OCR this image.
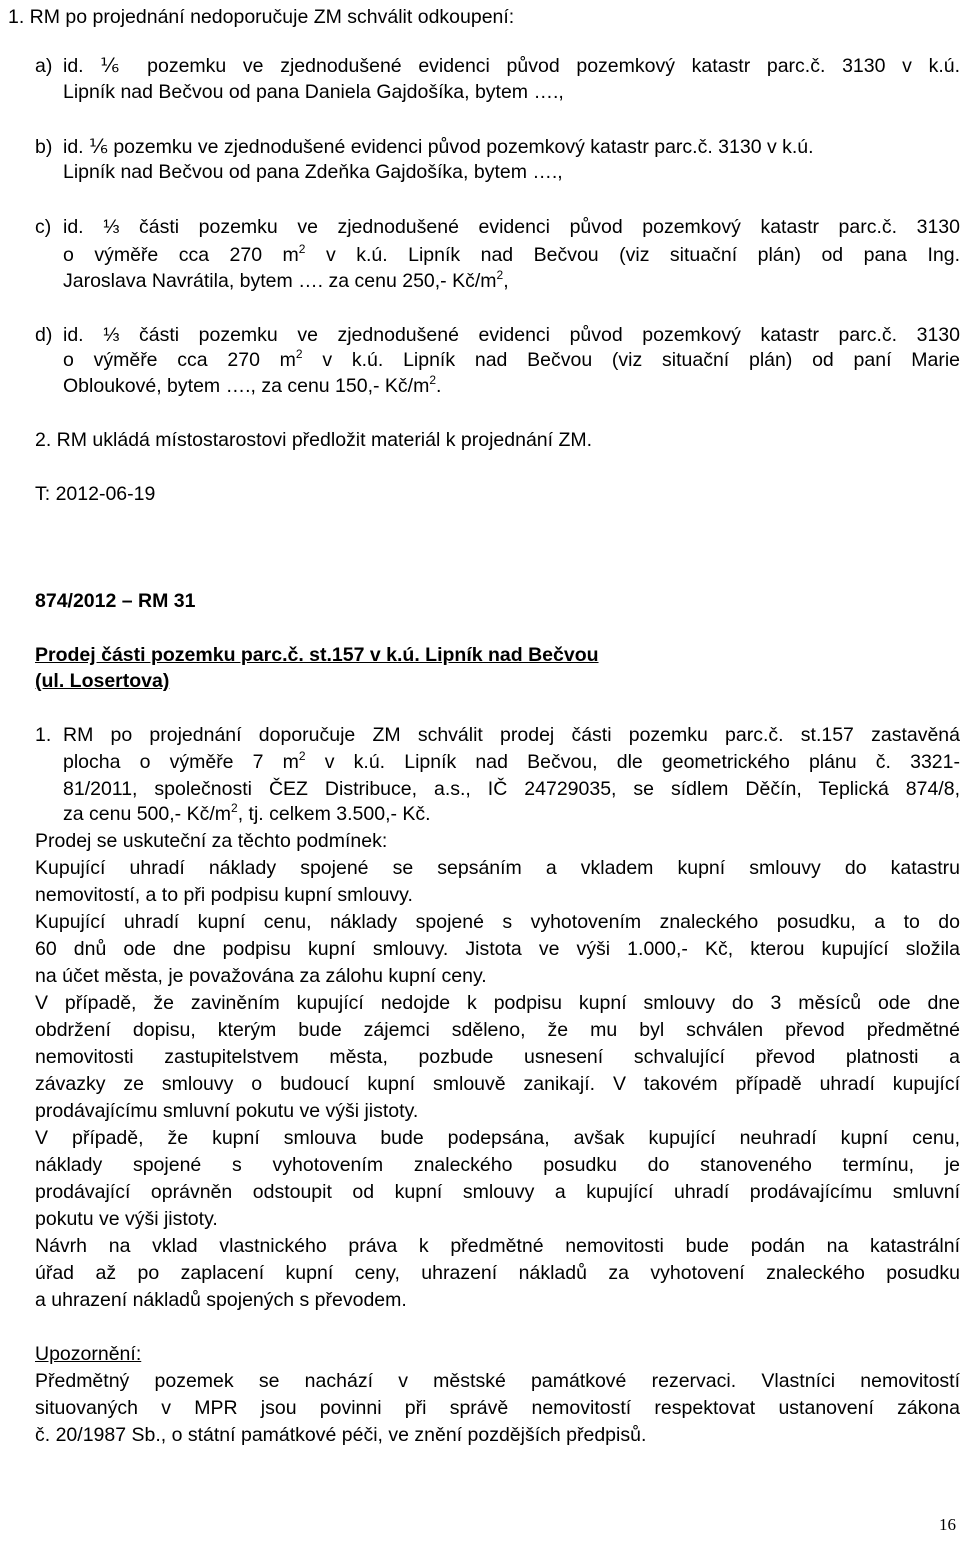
1. RM po projednání nedoporučuje ZM schválit odkoupení:
a) id. ⅙ pozemku ve zjednodušené evidenci původ pozemkový katastr parc.č. 3130 v k.ú.
Lipník nad Bečvou od pana Daniela Gajdošíka, bytem ….,
b) id. ⅙ pozemku ve zjednodušené evidenci původ pozemkový katastr parc.č. 3130 v k.ú.
Lipník nad Bečvou od pana Zdeňka Gajdošíka, bytem ….,
c) id. ⅓ části pozemku ve zjednodušené evidenci původ pozemkový katastr parc.č. 3130
o výměře cca 270 $m^2$ v k.ú. Lipník nad Bečvou (viz situační plán) od pana Ing.
Jaroslava Navrátila, bytem …. za cenu 250,- $Kč/m^2$,
d) id. ⅓ části pozemku ve zjednodušené evidenci původ pozemkový katastr parc.č. 3130
o výměře cca 270 $m^2$ v k.ú. Lipník nad Bečvou (viz situační plán) od paní Marie
Obloukové, bytem …., za cenu 150,- $Kč/m^2$.
2. RM ukládá místostarostovi předložit materiál k projednání ZM.
T: 2012-06-19
874/2012 – RM 31
Prodej části pozemku parc.č. st.157 v k.ú. Lipník nad Bečvou
(ul. Losertova)
1. RM po projednání doporučuje ZM schválit prodej části pozemku parc.č. st.157 zastavěná
plocha o výměře 7 $m^2$ v k.ú. Lipník nad Bečvou, dle geometrického plánu č. 3321-
81/2011, společnosti ČEZ Distribuce, a.s., IČ 24729035, se sídlem Děčín, Teplická 874/8,
za cenu 500,- $Kč/m^2$, tj. celkem 3.500,- Kč.
Prodej se uskuteční za těchto podmínek:
Kupující uhradí náklady spojené se sepsáním a vkladem kupní smlouvy do katastru
nemovitostí, a to při podpisu kupní smlouvy.
Kupující uhradí kupní cenu, náklady spojené s vyhotovením znaleckého posudku, a to do
60 dnů ode dne podpisu kupní smlouvy. Jistota ve výši 1.000,- Kč, kterou kupující složila
na účet města, je považována za zálohu kupní ceny.
V případě, že zaviněním kupující nedojde k podpisu kupní smlouvy do 3 měsíců ode dne
obdržení dopisu, kterým bude zájemci sděleno, že mu byl schválen převod předmětné
nemovitosti zastupitelstvem města, pozbude usnesení schvalující převod platnosti a
závazky ze smlouvy o budoucí kupní smlouvě zanikají. V takovém případě uhradí kupující
prodávajícímu smluvní pokutu ve výši jistoty.
V případě, že kupní smlouva bude podepsána, avšak kupující neuhradí kupní cenu,
náklady spojené s vyhotovením znaleckého posudku do stanoveného termínu, je
prodávající oprávněn odstoupit od kupní smlouvy a kupující uhradí prodávajícímu smluvní
pokutu ve výši jistoty.
Návrh na vklad vlastnického práva k předmětné nemovitosti bude podán na katastrální
úřad až po zaplacení kupní ceny, uhrazení nákladů za vyhotovení znaleckého posudku
a uhrazení nákladů spojených s převodem.
Upozornění:
Předmětný pozemek se nachází v městské památkové rezervaci. Vlastníci nemovitostí
situovaných v MPR jsou povinni při správě nemovitostí respektovat ustanovení zákona
č. 20/1987 Sb., o státní památkové péči, ve znění pozdějších předpisů.
16
